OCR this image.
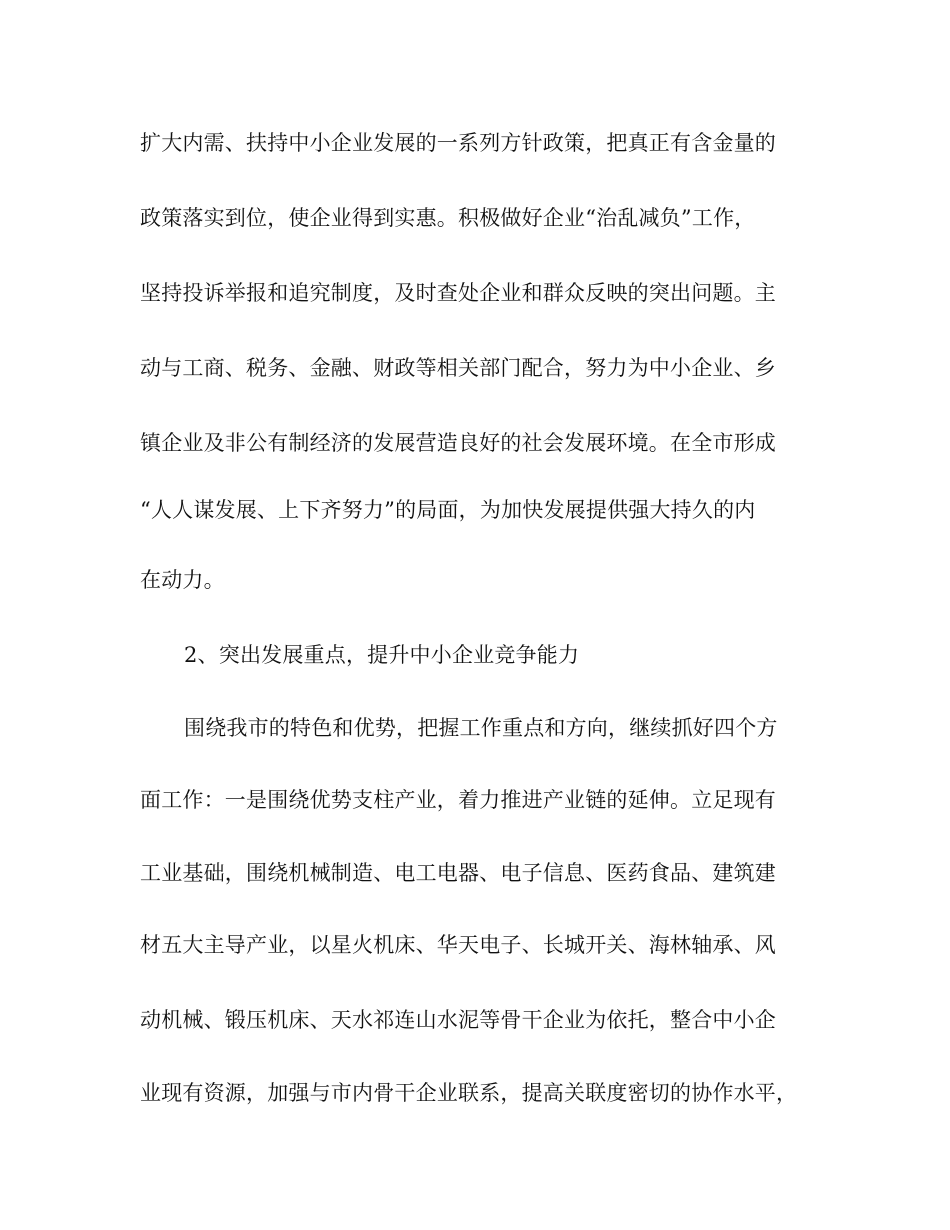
扩大内需、扶持中小企业发展的一系列方针政策，把真正有含金量的
政策落实到位，使企业得到实惠。积极做好企业“治乱减负”工作，
坚持投诉举报和追究制度，及时查处企业和群众反映的突出问题。主
动与工商、税务、金融、财政等相关部门配合，努力为中小企业、乡
镇企业及非公有制经济的发展营造良好的社会发展环境。在全市形成
“人人谋发展、上下齐努力”的局面，为加快发展提供强大持久的内
在动力。
2、突出发展重点，提升中小企业竞争能力
围绕我市的特色和优势，把握工作重点和方向，继续抓好四个方
面工作：一是围绕优势支柱产业，着力推进产业链的延伸。立足现有
工业基础，围绕机械制造、电工电器、电子信息、医药食品、建筑建
材五大主导产业，以星火机床、华天电子、长城开关、海林轴承、风
动机械、锻压机床、天水祁连山水泥等骨干企业为依托，整合中小企
业现有资源，加强与市内骨干企业联系，提高关联度密切的协作水平，
